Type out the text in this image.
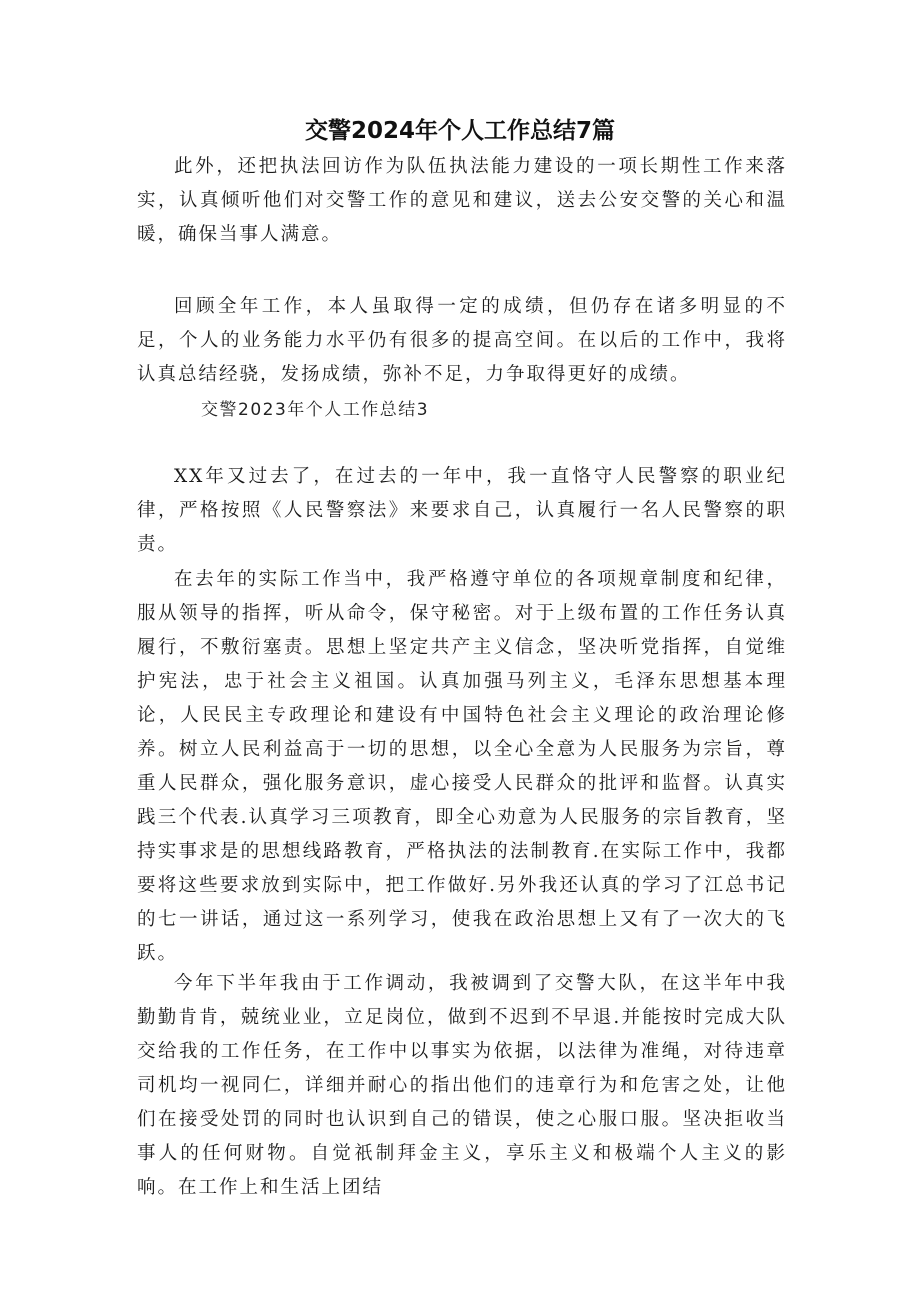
交警2024年个人工作总结7篇

此外，还把执法回访作为队伍执法能力建设的一项长期性工作来落实，认真倾听他们对交警工作的意见和建议，送去公安交警的关心和温暖，确保当事人满意。

回顾全年工作，本人虽取得一定的成绩，但仍存在诸多明显的不足，个人的业务能力水平仍有很多的提高空间。在以后的工作中，我将认真总结经骁，发扬成绩，弥补不足，力争取得更好的成绩。

交警2023年个人工作总结3

XX年又过去了，在过去的一年中，我一直恪守人民警察的职业纪律，严格按照《人民警察法》来要求自己，认真履行一名人民警察的职责。

在去年的实际工作当中，我严格遵守单位的各项规章制度和纪律，服从领导的指挥，听从命令，保守秘密。对于上级布置的工作任务认真履行，不敷衍塞责。思想上坚定共产主义信念，坚决听党指挥，自觉维护宪法，忠于社会主义祖国。认真加强马列主义，毛泽东思想基本理论，人民民主专政理论和建设有中国特色社会主义理论的政治理论修养。树立人民利益高于一切的思想，以全心全意为人民服务为宗旨，尊重人民群众，强化服务意识，虚心接受人民群众的批评和监督。认真实践三个代表.认真学习三项教育，即全心劝意为人民服务的宗旨教育，坚持实事求是的思想线路教育，严格执法的法制教育.在实际工作中，我都要将这些要求放到实际中，把工作做好.另外我还认真的学习了江总书记的七一讲话，通过这一系列学习，使我在政治思想上又有了一次大的飞跃。

今年下半年我由于工作调动，我被调到了交警大队，在这半年中我勤勤肯肯，兢统业业，立足岗位，做到不迟到不早退.并能按时完成大队交给我的工作任务，在工作中以事实为依据，以法律为准绳，对待违章司机均一视同仁，详细并耐心的指出他们的违章行为和危害之处，让他们在接受处罚的同时也认识到自己的错误，使之心服口服。坚决拒收当事人的任何财物。自觉祇制拜金主义，享乐主义和极端个人主义的影响。在工作上和生活上团结
